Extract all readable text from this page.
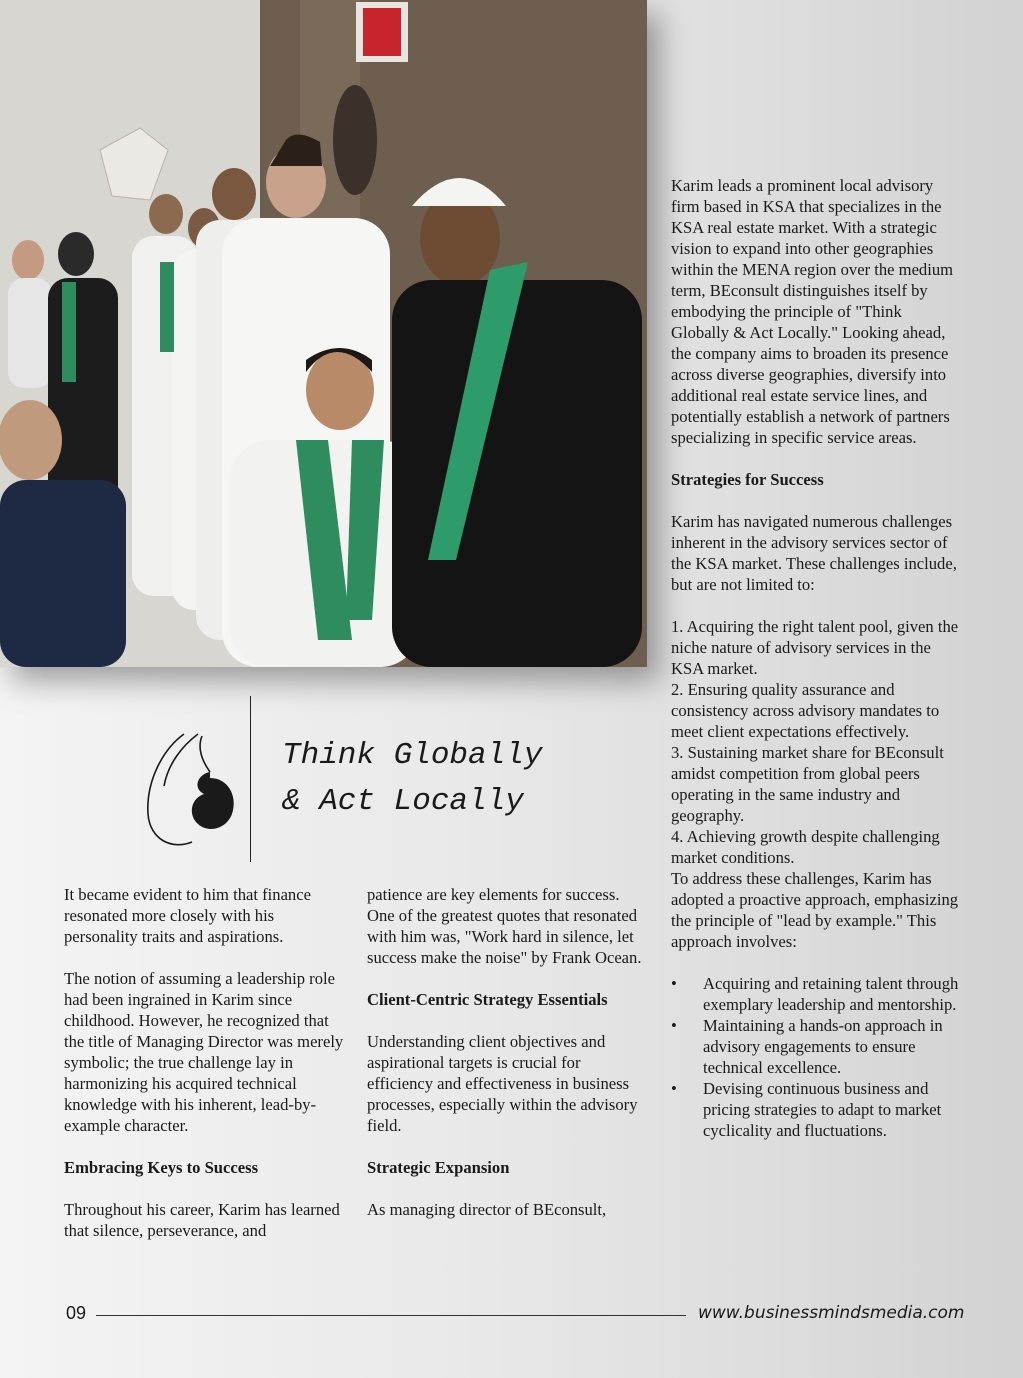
Think Globally
& Act Locally

It became evident to him that finance resonated more closely with his personality traits and aspirations.

The notion of assuming a leadership role had been ingrained in Karim since childhood. However, he recognized that the title of Managing Director was merely symbolic; the true challenge lay in harmonizing his acquired technical knowledge with his inherent, lead-by-example character.

Embracing Keys to Success

Throughout his career, Karim has learned that silence, perseverance, and

patience are key elements for success. One of the greatest quotes that resonated with him was, "Work hard in silence, let success make the noise" by Frank Ocean.

Client-Centric Strategy Essentials

Understanding client objectives and aspirational targets is crucial for efficiency and effectiveness in business processes, especially within the advisory field.

Strategic Expansion

As managing director of BEconsult,

Karim leads a prominent local advisory firm based in KSA that specializes in the KSA real estate market. With a strategic vision to expand into other geographies within the MENA region over the medium term, BEconsult distinguishes itself by embodying the principle of "Think Globally & Act Locally." Looking ahead, the company aims to broaden its presence across diverse geographies, diversify into additional real estate service lines, and potentially establish a network of partners specializing in specific service areas.

Strategies for Success

Karim has navigated numerous challenges inherent in the advisory services sector of the KSA market. These challenges include, but are not limited to:

1. Acquiring the right talent pool, given the niche nature of advisory services in the KSA market.
2. Ensuring quality assurance and consistency across advisory mandates to meet client expectations effectively.
3. Sustaining market share for BEconsult amidst competition from global peers operating in the same industry and geography.
4. Achieving growth despite challenging market conditions.

To address these challenges, Karim has adopted a proactive approach, emphasizing the principle of "lead by example." This approach involves:

• Acquiring and retaining talent through exemplary leadership and mentorship.
• Maintaining a hands-on approach in advisory engagements to ensure technical excellence.
• Devising continuous business and pricing strategies to adapt to market cyclicality and fluctuations.
09	www.businessmindsmedia.com
